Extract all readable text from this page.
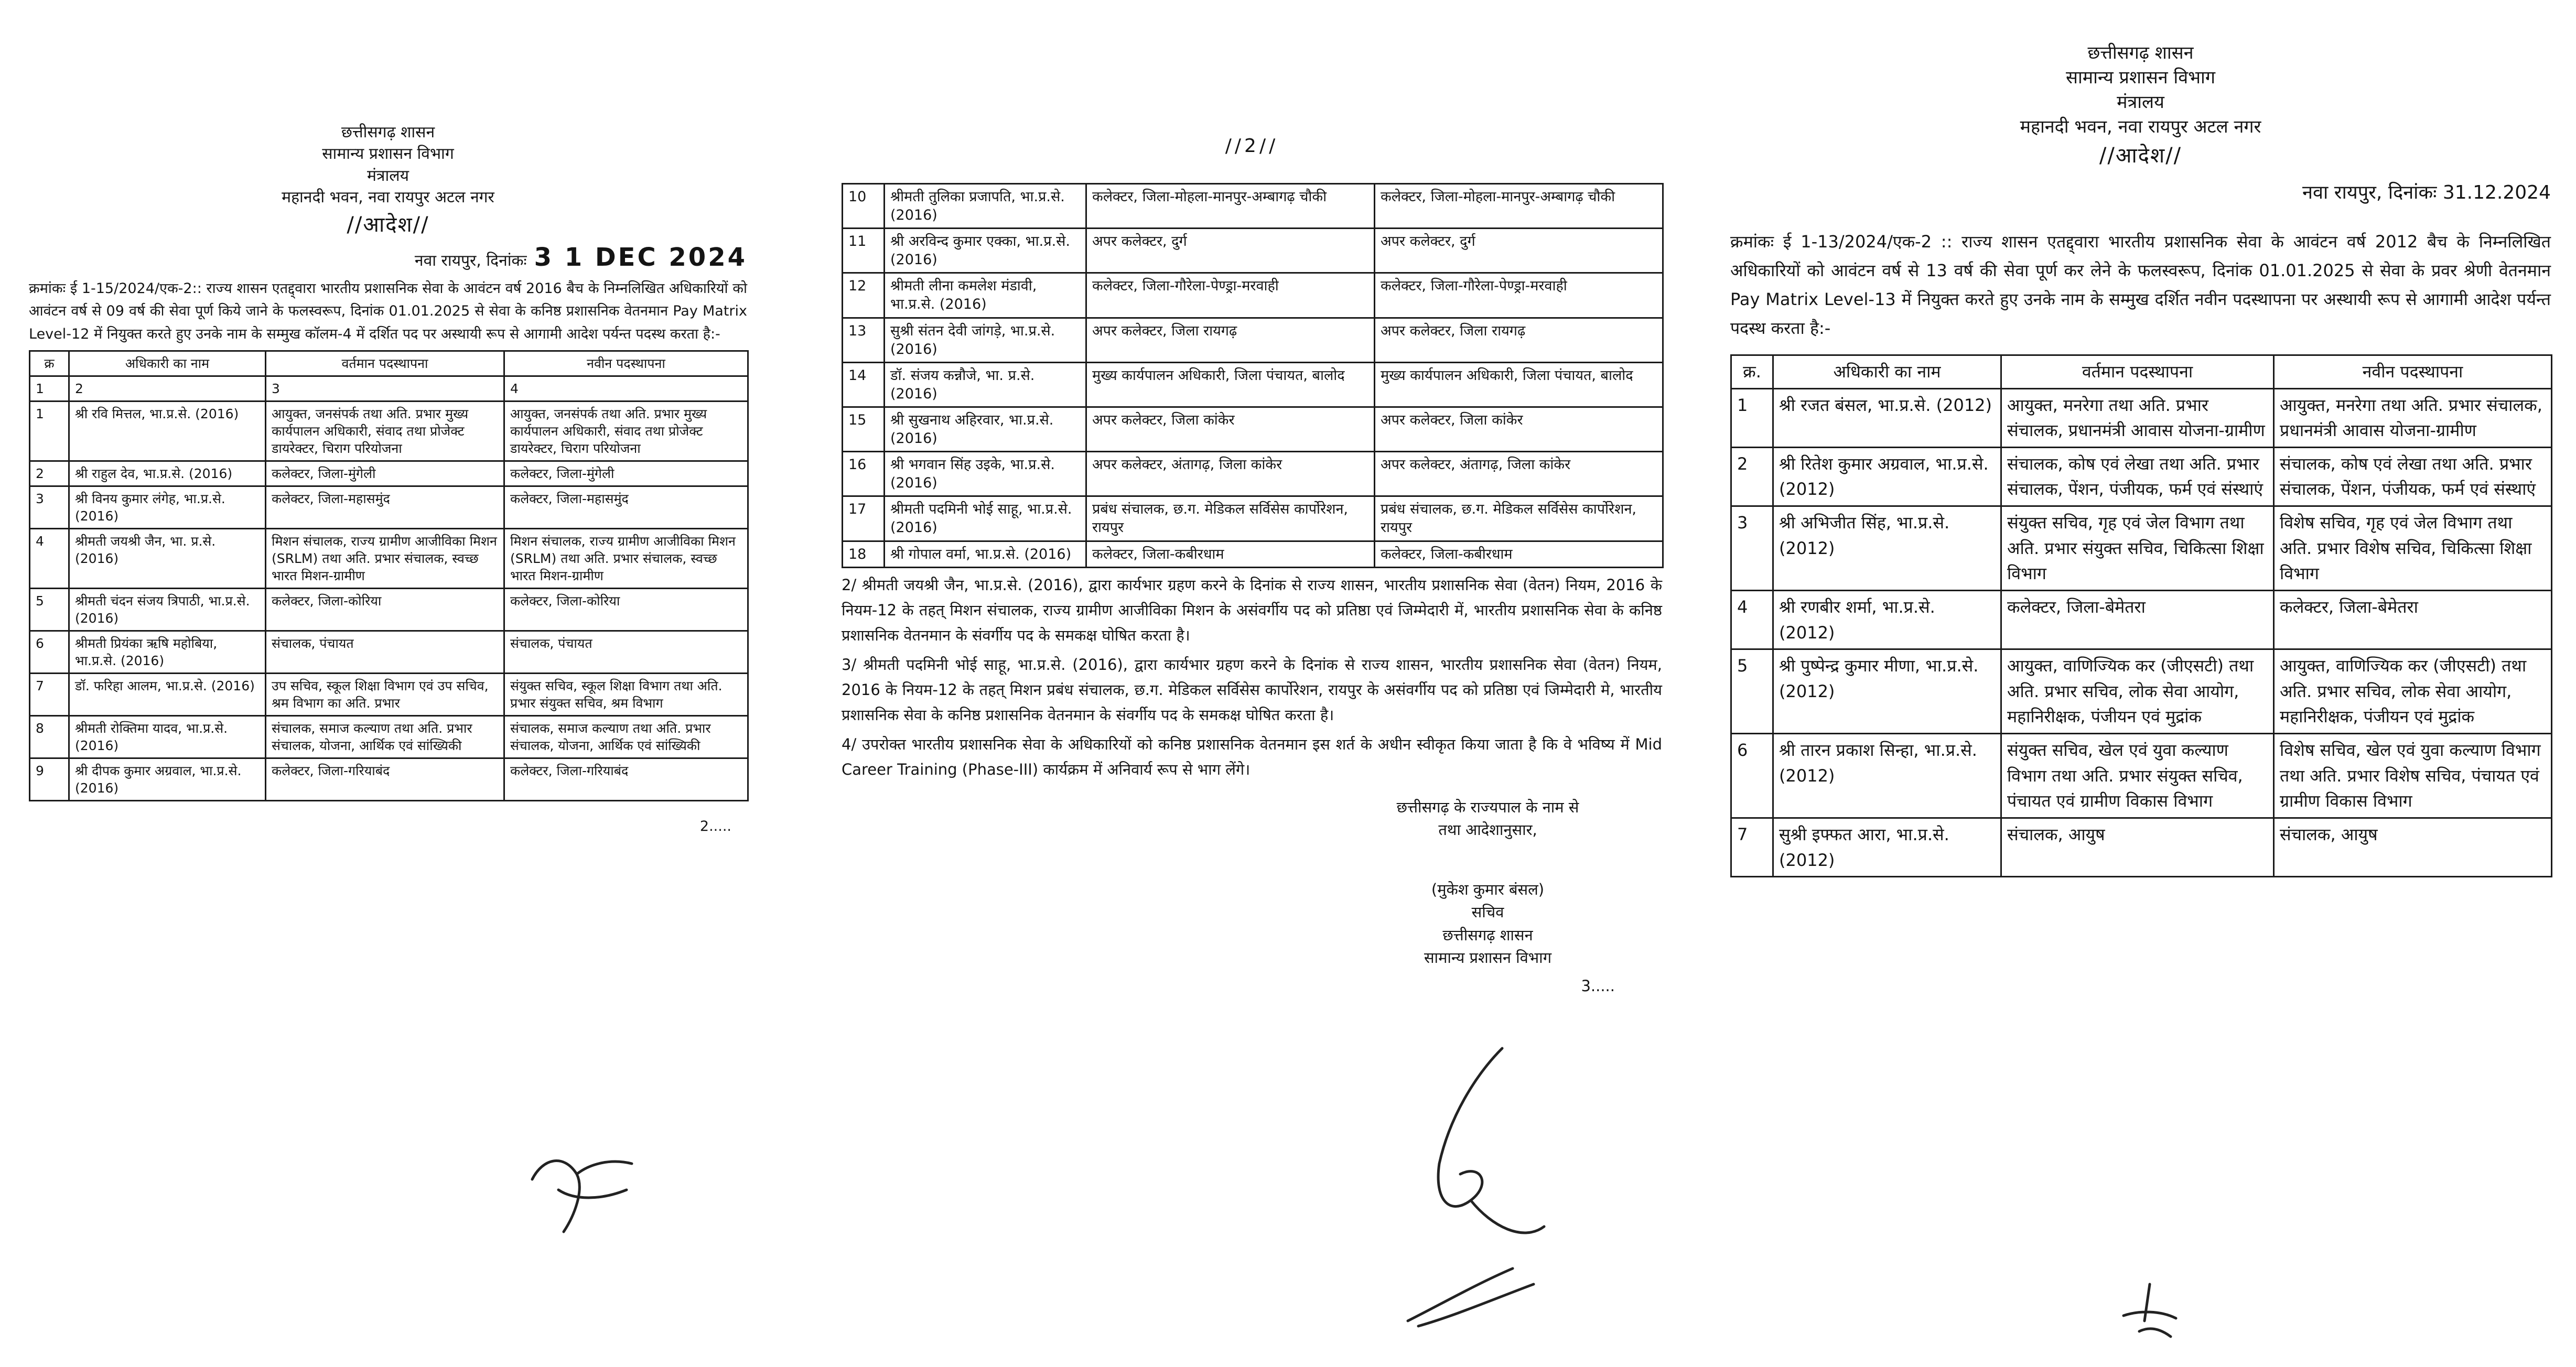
छत्तीसगढ़ शासन
सामान्य प्रशासन विभाग
मंत्रालय
महानदी भवन, नवा रायपुर अटल नगर
//आदेश//
नवा रायपुर, दिनांकः 3 1 DEC 2024
क्रमांकः ई 1-15/2024/एक-2:: राज्य शासन एतद्द्वारा भारतीय प्रशासनिक सेवा के आवंटन वर्ष 2016 बैच के निम्नलिखित अधिकारियों को आवंटन वर्ष से 09 वर्ष की सेवा पूर्ण किये जाने के फलस्वरूप, दिनांक 01.01.2025 से सेवा के कनिष्ठ प्रशासनिक वेतनमान Pay Matrix Level-12 में नियुक्त करते हुए उनके नाम के सम्मुख कॉलम-4 में दर्शित पद पर अस्थायी रूप से आगामी आदेश पर्यन्त पदस्थ करता है:-
क्र	अधिकारी का नाम	वर्तमान पदस्थापना	नवीन पदस्थापना
1	2	3	4
1	श्री रवि मित्तल, भा.प्र.से. (2016)	आयुक्त, जनसंपर्क तथा अति. प्रभार मुख्य कार्यपालन अधिकारी, संवाद तथा प्रोजेक्ट डायरेक्टर, चिराग परियोजना	आयुक्त, जनसंपर्क तथा अति. प्रभार मुख्य कार्यपालन अधिकारी, संवाद तथा प्रोजेक्ट डायरेक्टर, चिराग परियोजना
2	श्री राहुल देव, भा.प्र.से. (2016)	कलेक्टर, जिला-मुंगेली	कलेक्टर, जिला-मुंगेली
3	श्री विनय कुमार लंगेह, भा.प्र.से. (2016)	कलेक्टर, जिला-महासमुंद	कलेक्टर, जिला-महासमुंद
4	श्रीमती जयश्री जैन, भा. प्र.से. (2016)	मिशन संचालक, राज्य ग्रामीण आजीविका मिशन (SRLM) तथा अति. प्रभार संचालक, स्वच्छ भारत मिशन-ग्रामीण	मिशन संचालक, राज्य ग्रामीण आजीविका मिशन (SRLM) तथा अति. प्रभार संचालक, स्वच्छ भारत मिशन-ग्रामीण
5	श्रीमती चंदन संजय त्रिपाठी, भा.प्र.से. (2016)	कलेक्टर, जिला-कोरिया	कलेक्टर, जिला-कोरिया
6	श्रीमती प्रियंका ऋषि महोबिया, भा.प्र.से. (2016)	संचालक, पंचायत	संचालक, पंचायत
7	डॉ. फरिहा आलम, भा.प्र.से. (2016)	उप सचिव, स्कूल शिक्षा विभाग एवं उप सचिव, श्रम विभाग का अति. प्रभार	संयुक्त सचिव, स्कूल शिक्षा विभाग तथा अति. प्रभार संयुक्त सचिव, श्रम विभाग
8	श्रीमती रोक्तिमा यादव, भा.प्र.से. (2016)	संचालक, समाज कल्याण तथा अति. प्रभार संचालक, योजना, आर्थिक एवं सांख्यिकी	संचालक, समाज कल्याण तथा अति. प्रभार संचालक, योजना, आर्थिक एवं सांख्यिकी
9	श्री दीपक कुमार अग्रवाल, भा.प्र.से. (2016)	कलेक्टर, जिला-गरियाबंद	कलेक्टर, जिला-गरियाबंद
2.....
//2//
10	श्रीमती तुलिका प्रजापति, भा.प्र.से. (2016)	कलेक्टर, जिला-मोहला-मानपुर-अम्बागढ़ चौकी	कलेक्टर, जिला-मोहला-मानपुर-अम्बागढ़ चौकी
11	श्री अरविन्द कुमार एक्का, भा.प्र.से. (2016)	अपर कलेक्टर, दुर्ग	अपर कलेक्टर, दुर्ग
12	श्रीमती लीना कमलेश मंडावी, भा.प्र.से. (2016)	कलेक्टर, जिला-गौरेला-पेण्ड्रा-मरवाही	कलेक्टर, जिला-गौरेला-पेण्ड्रा-मरवाही
13	सुश्री संतन देवी जांगड़े, भा.प्र.से. (2016)	अपर कलेक्टर, जिला रायगढ़	अपर कलेक्टर, जिला रायगढ़
14	डॉ. संजय कन्नौजे, भा. प्र.से. (2016)	मुख्य कार्यपालन अधिकारी, जिला पंचायत, बालोद	मुख्य कार्यपालन अधिकारी, जिला पंचायत, बालोद
15	श्री सुखनाथ अहिरवार, भा.प्र.से. (2016)	अपर कलेक्टर, जिला कांकेर	अपर कलेक्टर, जिला कांकेर
16	श्री भगवान सिंह उइके, भा.प्र.से. (2016)	अपर कलेक्टर, अंतागढ़, जिला कांकेर	अपर कलेक्टर, अंतागढ़, जिला कांकेर
17	श्रीमती पदमिनी भोई साहू, भा.प्र.से. (2016)	प्रबंध संचालक, छ.ग. मेडिकल सर्विसेस कार्पोरेशन, रायपुर	प्रबंध संचालक, छ.ग. मेडिकल सर्विसेस कार्पोरेशन, रायपुर
18	श्री गोपाल वर्मा, भा.प्र.से. (2016)	कलेक्टर, जिला-कबीरधाम	कलेक्टर, जिला-कबीरधाम
2/ श्रीमती जयश्री जैन, भा.प्र.से. (2016), द्वारा कार्यभार ग्रहण करने के दिनांक से राज्य शासन, भारतीय प्रशासनिक सेवा (वेतन) नियम, 2016 के नियम-12 के तहत् मिशन संचालक, राज्य ग्रामीण आजीविका मिशन के असंवर्गीय पद को प्रतिष्ठा एवं जिम्मेदारी में, भारतीय प्रशासनिक सेवा के कनिष्ठ प्रशासनिक वेतनमान के संवर्गीय पद के समकक्ष घोषित करता है।
3/ श्रीमती पदमिनी भोई साहू, भा.प्र.से. (2016), द्वारा कार्यभार ग्रहण करने के दिनांक से राज्य शासन, भारतीय प्रशासनिक सेवा (वेतन) नियम, 2016 के नियम-12 के तहत् मिशन प्रबंध संचालक, छ.ग. मेडिकल सर्विसेस कार्पोरेशन, रायपुर के असंवर्गीय पद को प्रतिष्ठा एवं जिम्मेदारी मे, भारतीय प्रशासनिक सेवा के कनिष्ठ प्रशासनिक वेतनमान के संवर्गीय पद के समकक्ष घोषित करता है।
4/ उपरोक्त भारतीय प्रशासनिक सेवा के अधिकारियों को कनिष्ठ प्रशासनिक वेतनमान इस शर्त के अधीन स्वीकृत किया जाता है कि वे भविष्य में Mid Career Training (Phase-III) कार्यक्रम में अनिवार्य रूप से भाग लेंगे।
छत्तीसगढ़ के राज्यपाल के नाम से
तथा आदेशानुसार,
(मुकेश कुमार बंसल)
सचिव
छत्तीसगढ़ शासन
सामान्य प्रशासन विभाग
3.....
छत्तीसगढ़ शासन
सामान्य प्रशासन विभाग
मंत्रालय
महानदी भवन, नवा रायपुर अटल नगर
//आदेश//
नवा रायपुर, दिनांकः 31.12.2024
क्रमांकः ई 1-13/2024/एक-2 :: राज्य शासन एतद्द्वारा भारतीय प्रशासनिक सेवा के आवंटन वर्ष 2012 बैच के निम्नलिखित अधिकारियों को आवंटन वर्ष से 13 वर्ष की सेवा पूर्ण कर लेने के फलस्वरूप, दिनांक 01.01.2025 से सेवा के प्रवर श्रेणी वेतनमान Pay Matrix Level-13 में नियुक्त करते हुए उनके नाम के सम्मुख दर्शित नवीन पदस्थापना पर अस्थायी रूप से आगामी आदेश पर्यन्त पदस्थ करता है:-
क्र.	अधिकारी का नाम	वर्तमान पदस्थापना	नवीन पदस्थापना
1	श्री रजत बंसल, भा.प्र.से. (2012)	आयुक्त, मनरेगा तथा अति. प्रभार संचालक, प्रधानमंत्री आवास योजना-ग्रामीण	आयुक्त, मनरेगा तथा अति. प्रभार संचालक, प्रधानमंत्री आवास योजना-ग्रामीण
2	श्री रितेश कुमार अग्रवाल, भा.प्र.से. (2012)	संचालक, कोष एवं लेखा तथा अति. प्रभार संचालक, पेंशन, पंजीयक, फर्म एवं संस्थाएं	संचालक, कोष एवं लेखा तथा अति. प्रभार संचालक, पेंशन, पंजीयक, फर्म एवं संस्थाएं
3	श्री अभिजीत सिंह, भा.प्र.से. (2012)	संयुक्त सचिव, गृह एवं जेल विभाग तथा अति. प्रभार संयुक्त सचिव, चिकित्सा शिक्षा विभाग	विशेष सचिव, गृह एवं जेल विभाग तथा अति. प्रभार विशेष सचिव, चिकित्सा शिक्षा विभाग
4	श्री रणबीर शर्मा, भा.प्र.से. (2012)	कलेक्टर, जिला-बेमेतरा	कलेक्टर, जिला-बेमेतरा
5	श्री पुष्पेन्द्र कुमार मीणा, भा.प्र.से. (2012)	आयुक्त, वाणिज्यिक कर (जीएसटी) तथा अति. प्रभार सचिव, लोक सेवा आयोग, महानिरीक्षक, पंजीयन एवं मुद्रांक	आयुक्त, वाणिज्यिक कर (जीएसटी) तथा अति. प्रभार सचिव, लोक सेवा आयोग, महानिरीक्षक, पंजीयन एवं मुद्रांक
6	श्री तारन प्रकाश सिन्हा, भा.प्र.से. (2012)	संयुक्त सचिव, खेल एवं युवा कल्याण विभाग तथा अति. प्रभार संयुक्त सचिव, पंचायत एवं ग्रामीण विकास विभाग	विशेष सचिव, खेल एवं युवा कल्याण विभाग तथा अति. प्रभार विशेष सचिव, पंचायत एवं ग्रामीण विकास विभाग
7	सुश्री इफ्फत आरा, भा.प्र.से. (2012)	संचालक, आयुष	संचालक, आयुष
